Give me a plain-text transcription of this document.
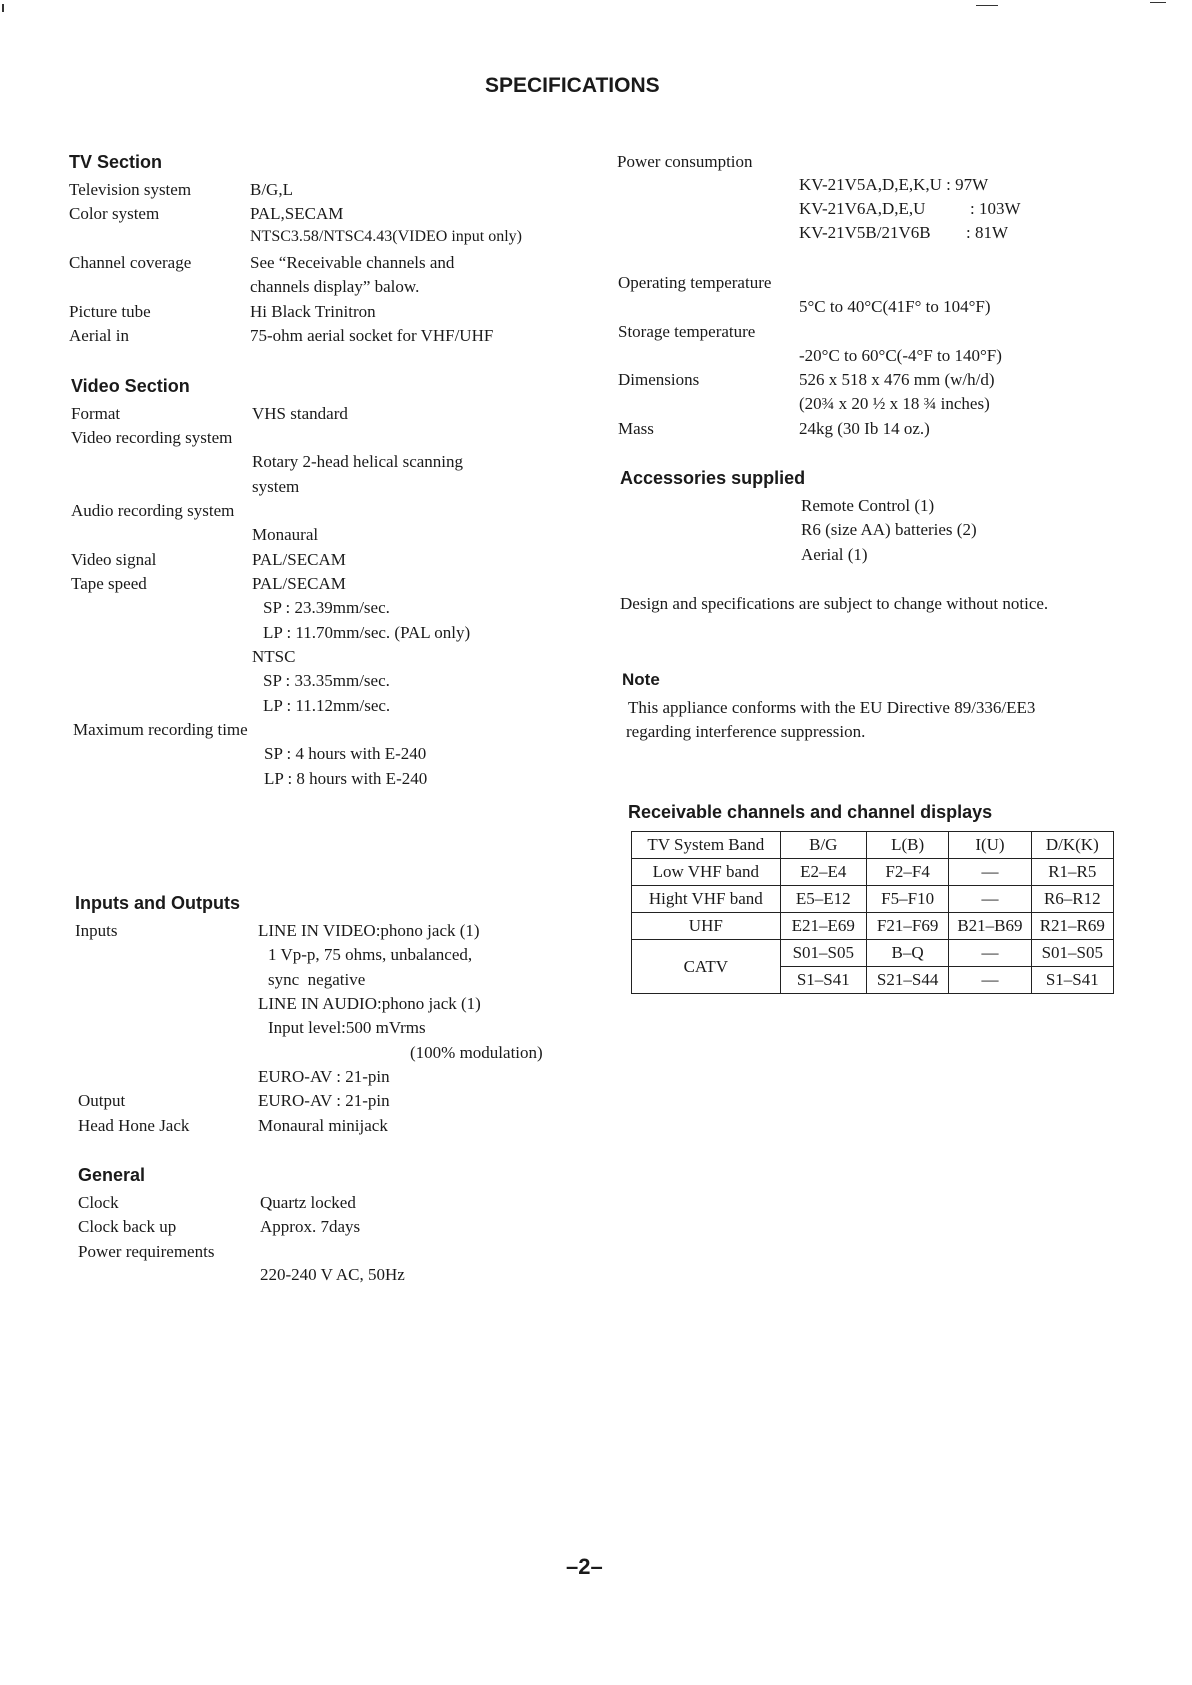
SPECIFICATIONS
TV Section
Television system	B/G,L
Color system	PAL,SECAM
NTSC3.58/NTSC4.43(VIDEO input only)
Channel coverage	See “Receivable channels and
channels display” balow.
Picture tube	Hi Black Trinitron
Aerial in	75-ohm aerial socket for VHF/UHF
Video Section
Format	VHS standard
Video recording system
Rotary 2-head helical scanning
system
Audio recording system
Monaural
Video signal	PAL/SECAM
Tape speed	PAL/SECAM
SP : 23.39mm/sec.
LP : 11.70mm/sec. (PAL only)
NTSC
SP : 33.35mm/sec.
LP : 11.12mm/sec.
Maximum recording time
SP : 4 hours with E-240
LP : 8 hours with E-240
Inputs and Outputs
Inputs	LINE IN VIDEO:phono jack (1)
1 Vp-p, 75 ohms, unbalanced,
sync  negative
LINE IN AUDIO:phono jack (1)
Input level:500 mVrms
(100% modulation)
EURO-AV : 21-pin
Output	EURO-AV : 21-pin
Head Hone Jack	Monaural minijack
General
Clock	Quartz locked
Clock back up	Approx. 7days
Power requirements
220-240 V AC, 50Hz
Power consumption
KV-21V5A,D,E,K,U : 97W
KV-21V6A,D,E,U	: 103W
KV-21V5B/21V6B : 81W
Operating temperature
5°C to 40°C(41F° to 104°F)
Storage temperature
-20°C to 60°C(-4°F to 140°F)
Dimensions	526 x 518 x 476 mm (w/h/d)
(20¾ x 20 ½ x 18 ¾ inches)
Mass	24kg (30 Ib 14 oz.)
Accessories supplied
Remote Control (1)
R6 (size AA) batteries (2)
Aerial (1)
Design and specifications are subject to change without notice.
Note
This appliance conforms with the EU Directive 89/336/EE3
regarding interference suppression.
Receivable channels and channel displays
TV System Band	B/G	L(B)	I(U)	D/K(K)
Low VHF band	E2–E4	F2–F4	—	R1–R5
Hight VHF band	E5–E12	F5–F10	—	R6–R12
UHF	E21–E69	F21–F69	B21–B69	R21–R69
CATV	S01–S05	B–Q	—	S01–S05
	S1–S41	S21–S44	—	S1–S41
–2–
